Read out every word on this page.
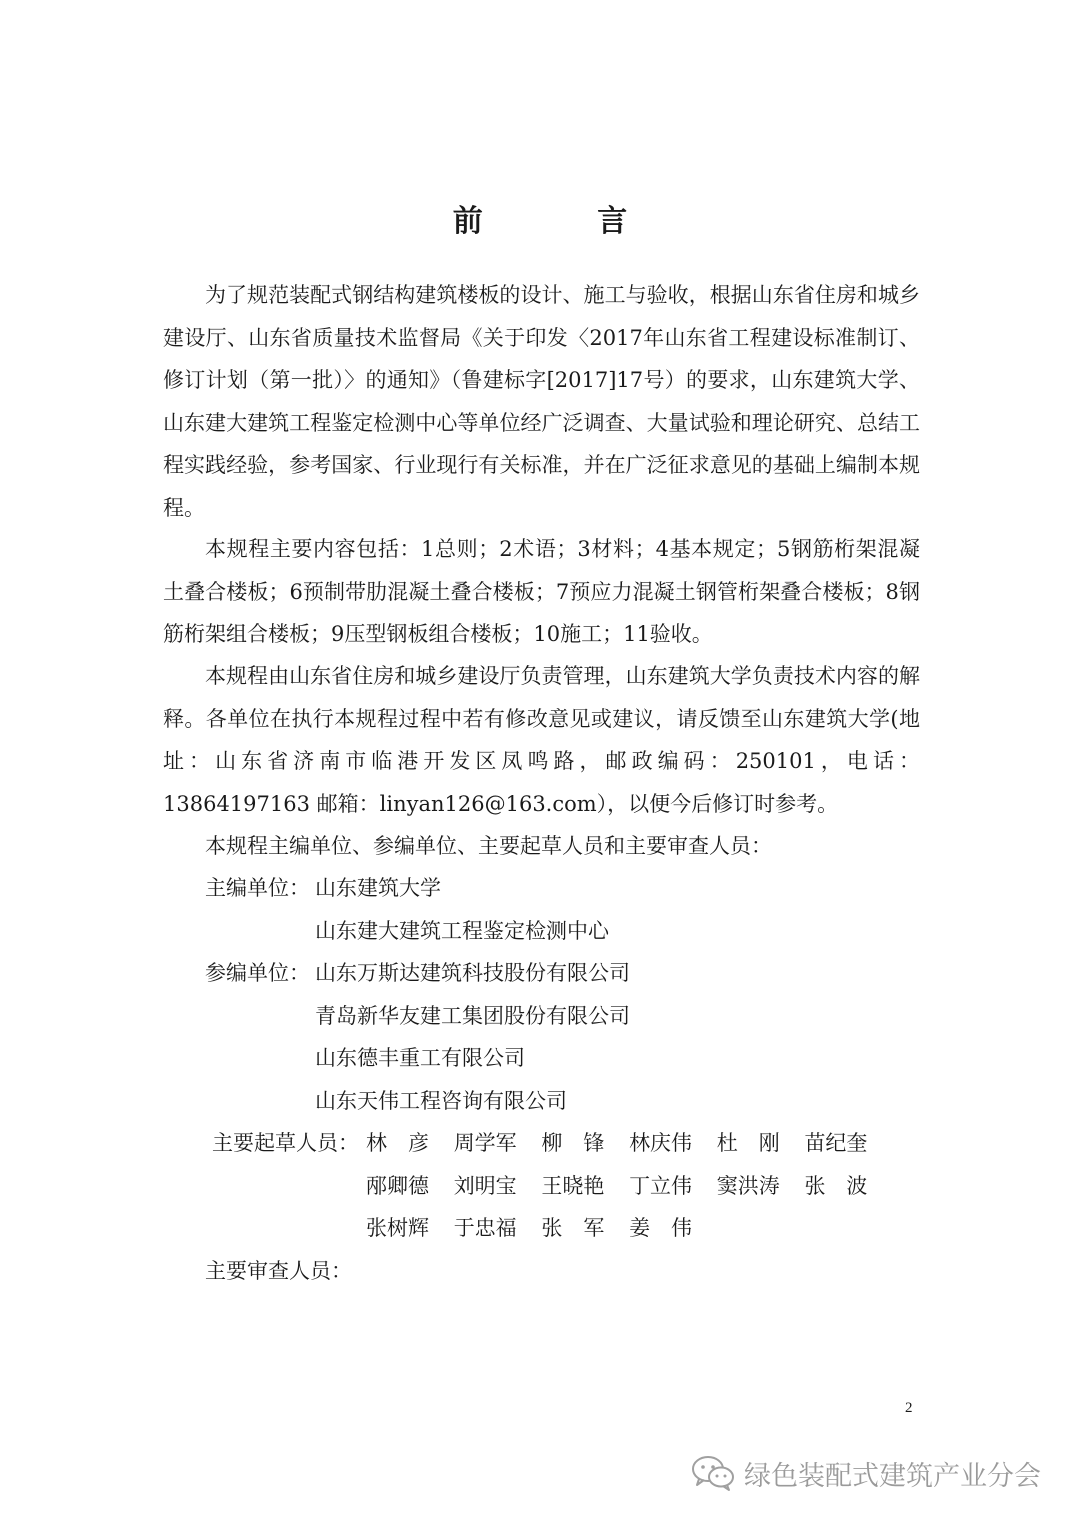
前 言

为了规范装配式钢结构建筑楼板的设计、施工与验收，根据山东省住房和城乡建设厅、山东省质量技术监督局《关于印发〈2017年山东省工程建设标准制订、修订计划（第一批）〉的通知》（鲁建标字[2017]17号）的要求，山东建筑大学、山东建大建筑工程鉴定检测中心等单位经广泛调查、大量试验和理论研究、总结工程实践经验，参考国家、行业现行有关标准，并在广泛征求意见的基础上编制本规程。

本规程主要内容包括：1总则；2术语；3材料；4基本规定；5钢筋桁架混凝土叠合楼板；6预制带肋混凝土叠合楼板；7预应力混凝土钢管桁架叠合楼板；8钢筋桁架组合楼板；9压型钢板组合楼板；10施工；11验收。

本规程由山东省住房和城乡建设厅负责管理，山东建筑大学负责技术内容的解释。各单位在执行本规程过程中若有修改意见或建议，请反馈至山东建筑大学(地址：山东省济南市临港开发区凤鸣路，邮政编码：250101，电话：13864197163 邮箱：linyan126@163.com），以便今后修订时参考。

本规程主编单位、参编单位、主要起草人员和主要审查人员：
主编单位： 山东建筑大学
山东建大建筑工程鉴定检测中心
参编单位： 山东万斯达建筑科技股份有限公司
青岛新华友建工集团股份有限公司
山东德丰重工有限公司
山东天伟工程咨询有限公司
主要起草人员： 林　彦 周学军 柳　锋 林庆伟 杜　刚 苗纪奎
邴卿德 刘明宝 王晓艳 丁立伟 窦洪涛 张　波
张树辉 于忠福 张　军 姜　伟
主要审查人员：
2
绿色装配式建筑产业分会
